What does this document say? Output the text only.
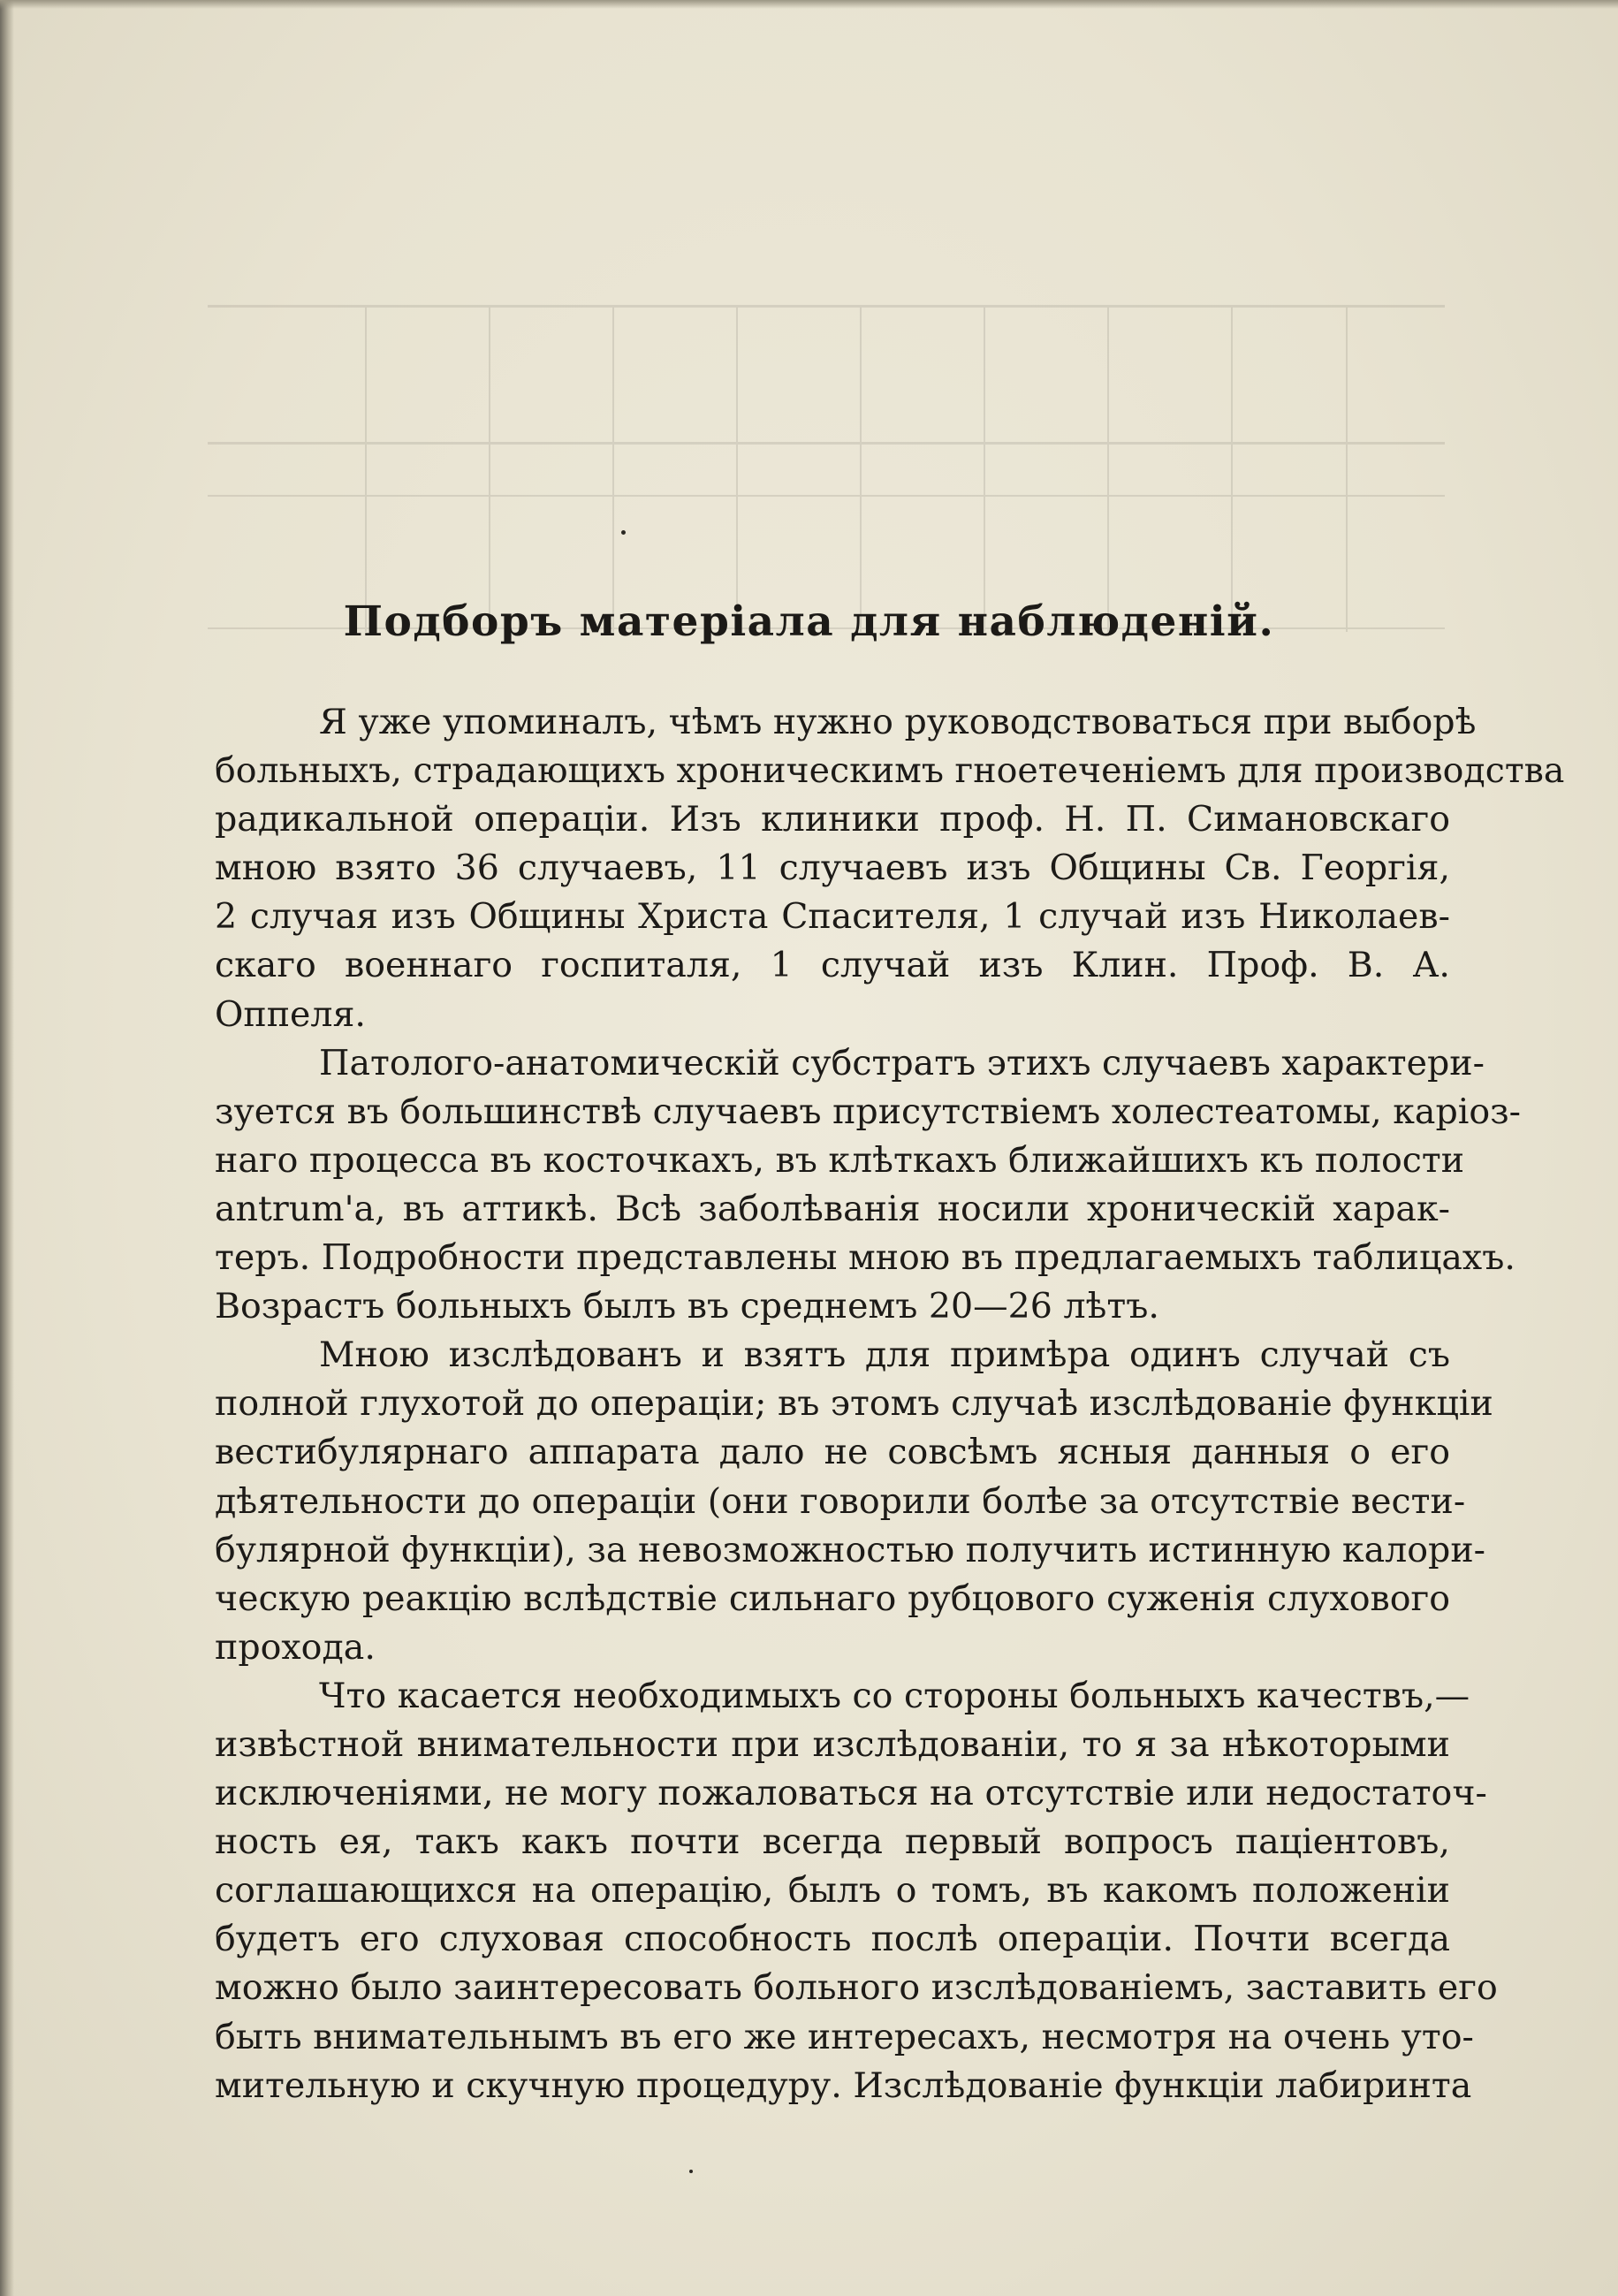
Подборъ матеріала для наблюденій.

Я уже упоминалъ, чѣмъ нужно руководствоваться при выборѣ
больныхъ, страдающихъ хроническимъ гноетеченіемъ для производства
радикальной операціи. Изъ клиники проф. Н. П. Симановскаго
мною взято 36 случаевъ, 11 случаевъ изъ Общины Св. Георгія,
2 случая изъ Общины Христа Спасителя, 1 случай изъ Николаев-
скаго военнаго госпиталя, 1 случай изъ Клин. Проф. В. А.
Оппеля.

Патолого-анатомическій субстратъ этихъ случаевъ характери-
зуется въ большинствѣ случаевъ присутствіемъ холестеатомы, каріоз-
наго процесса въ косточкахъ, въ клѣткахъ ближайшихъ къ полости
antrum'a, въ аттикѣ. Всѣ заболѣванія носили хроническій харак-
теръ. Подробности представлены мною въ предлагаемыхъ таблицахъ.
Возрастъ больныхъ былъ въ среднемъ 20—26 лѣтъ.

Мною изслѣдованъ и взятъ для примѣра одинъ случай съ
полной глухотой до операціи; въ этомъ случаѣ изслѣдованіе функціи
вестибулярнаго аппарата дало не совсѣмъ ясныя данныя о его
дѣятельности до операціи (они говорили болѣе за отсутствіе вести-
булярной функціи), за невозможностью получить истинную калори-
ческую реакцію вслѣдствіе сильнаго рубцового суженія слухового
прохода.

Что касается необходимыхъ со стороны больныхъ качествъ,—
извѣстной внимательности при изслѣдованіи, то я за нѣкоторыми
исключеніями, не могу пожаловаться на отсутствіе или недостаточ-
ность ея, такъ какъ почти всегда первый вопросъ пацiентовъ,
соглашающихся на операцію, былъ о томъ, въ какомъ положеніи
будетъ его слуховая способность послѣ операціи. Почти всегда
можно было заинтересовать больного изслѣдованіемъ, заставить его
быть внимательнымъ въ его же интересахъ, несмотря на очень уто-
мительную и скучную процедуру. Изслѣдованіе функціи лабиринта
